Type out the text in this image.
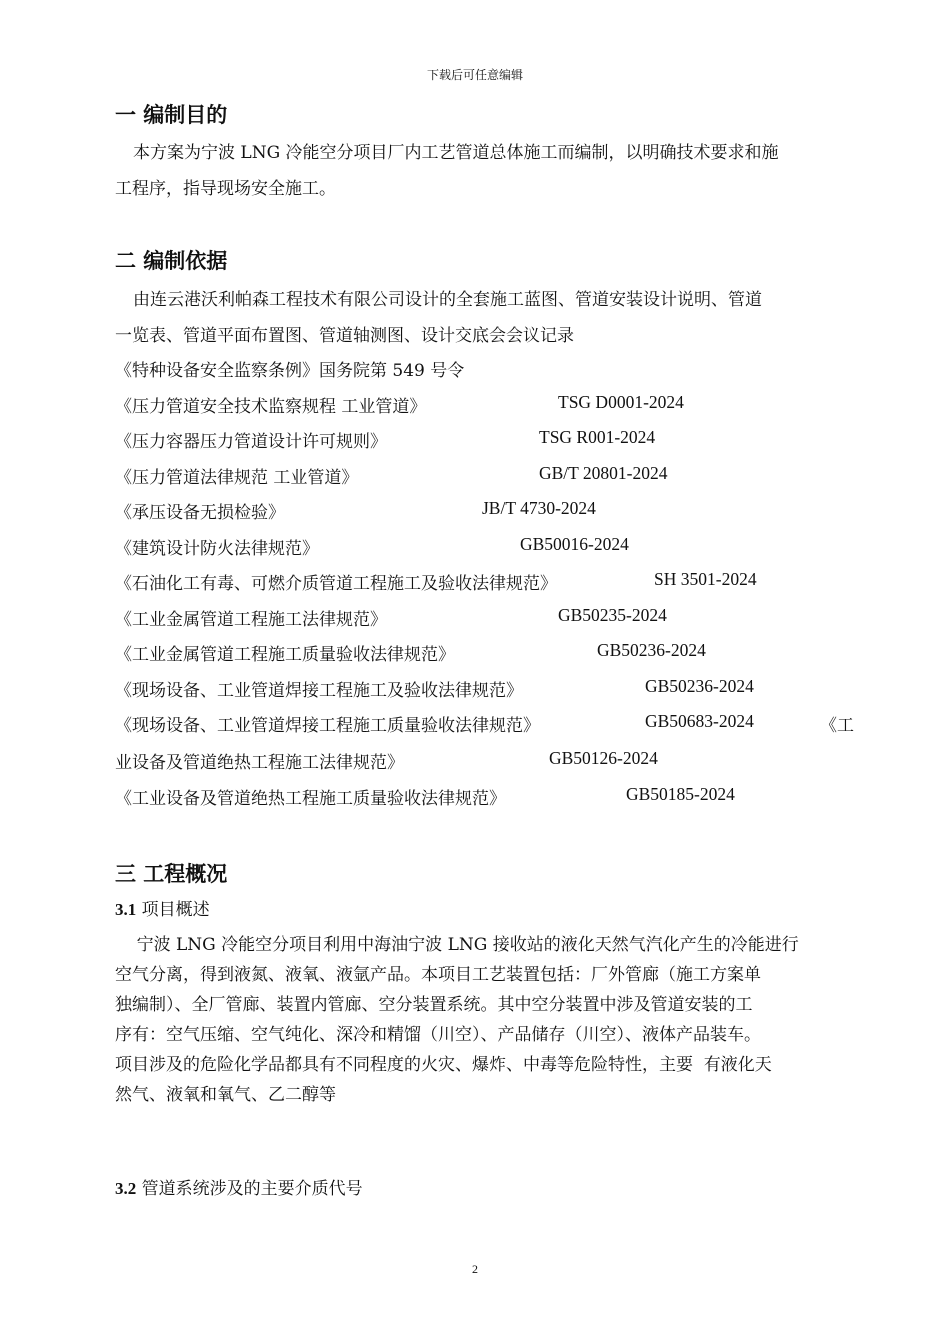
下载后可任意编辑
一 编制目的
本方案为宁波 LNG 冷能空分项目厂内工艺管道总体施工而编制，以明确技术要求和施
工程序，指导现场安全施工。
二 编制依据
由连云港沃利帕森工程技术有限公司设计的全套施工蓝图、管道安装设计说明、管道
一览表、管道平面布置图、管道轴测图、设计交底会会议记录
《特种设备安全监察条例》国务院第 549 号令
《压力管道安全技术监察规程 工业管道》	TSG D0001-2024
《压力容器压力管道设计许可规则》	TSG R001-2024
《压力管道法律规范 工业管道》	GB/T 20801-2024
《承压设备无损检验》	JB/T 4730-2024
《建筑设计防火法律规范》	GB50016-2024
《石油化工有毒、可燃介质管道工程施工及验收法律规范》	SH 3501-2024
《工业金属管道工程施工法律规范》	GB50235-2024
《工业金属管道工程施工质量验收法律规范》	GB50236-2024
《现场设备、工业管道焊接工程施工及验收法律规范》	GB50236-2024
《现场设备、工业管道焊接工程施工质量验收法律规范》	GB50683-2024	《工
业设备及管道绝热工程施工法律规范》	GB50126-2024
《工业设备及管道绝热工程施工质量验收法律规范》	GB50185-2024
三 工程概况
3.1 项目概述
宁波 LNG 冷能空分项目利用中海油宁波 LNG 接收站的液化天然气汽化产生的冷能进行
空气分离，得到液氮、液氧、液氩产品。本项目工艺装置包括：厂外管廊（施工方案单
独编制）、全厂管廊、装置内管廊、空分装置系统。其中空分装置中涉及管道安装的工
序有：空气压缩、空气纯化、深冷和精馏（川空）、产品储存（川空）、液体产品装车。
项目涉及的危险化学品都具有不同程度的火灾、爆炸、中毒等危险特性，主要  有液化天
然气、液氧和氧气、乙二醇等
3.2 管道系统涉及的主要介质代号
2
